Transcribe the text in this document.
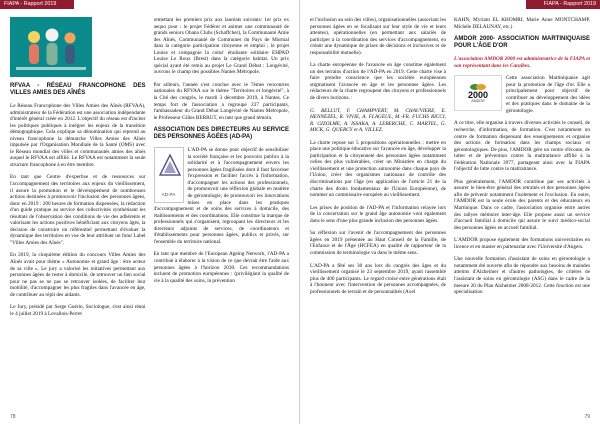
FIAPA - Rapport 2019
RFVAA - RÉSEAU FRANCOPHONE DES VILLES AMIES DES AÎNÉS

Le Réseau Francophone des Villes Amies des Aînés (RFVAA), administrateur de la Fédération est une association indépendante d'intérêt général créée en 2012. L'objectif du réseau est d'inciter les politiques publiques à intégrer les enjeux de la transition démographique. Cela explique sa dénomination qui reprend au niveau francophone la démarche Villes Amies des Aînés impulsée par l'Organisation Mondiale de la Santé (OMS) avec le Réseau mondial des villes et communautés amies des aînés auquel le RFVAA est affilié. Le RFVAA est notamment la seule structure francophone à en être membre.

En tant que Centre d'expertise et de ressources sur l'accompagnement des territoires aux enjeux du vieillissement, il assure la promotion et le développement de nombreuses actions destinées à promouvoir l'inclusion des personnes âgées, donc en 2019 : 200 heures de formation dispensées, la rédaction d'un guide pratique au service des collectivités synthétisant les résultats de l'observation des conditions de vie des adhérents et valorisant les actions positives bénéficiant aux citoyens âgés, la décision de construire un référentiel permettant d'évaluer la dynamique des territoires en vue de leur attribuer un futur Label "Villes Amies des Aînés".

En 2019, la cinquième édition du concours Villes Amies des Aînés avait pour thème « Autonomie et grand âge : être acteur de sa ville ». Le jury a valorisé les initiatives permettant aux personnes âgées de rester à domicile, de retrouver un lien social pour ne pas se ne pas se retrouver isolées, de faciliter leur mobilité, d'accompagner les plus fragiles dans l'avancée en âge, de contribuer au répit des aidants.

Le Jury, présidé par Serge Guérin, Sociologue, s'est ainsi réuni le 4 juillet 2019 à Levallois-Perret

remettant les premiers prix aux lauréats suivants: 1er prix ex aequo pour : le projet Fédérer et animer une communauté de grands seniors Ohana Clubs (Schaffcher), la Communauté Amie des Aînés, Communauté de Communes du Pays de Mormal dans la catégorie participation citoyenne et emploi ; le projet Louise et compagnie la colos' étudiante solidaire EHPAD Louise Le Roux (Brest) dans la catégorie habitat. Un prix spécial ayant été remis au projet Le Grand Débat : Longévité, ouvrons le champ des possibles Nantes Métropole.

Par ailleurs, l'année s'est conclue avec le 7èmes rencontres nationales du RFVAA sur le thème "Territoires et longévité", à la Cité des congrès, le mardi 3 décembre 2019, à Nantes. Ce temps fort de l'association a regroupé 237 participants, l'ambassadeur du Grand Débat Longévité de Nantes Métropole, le Professeur Gilles BERRUT, en tant que grand témoin.

ASSOCIATION DES DIRECTEURS AU SERVICE DES PERSONNES ÂGÉES (AD-PA)
AD·PA

L'AD-PA se donne pour objectif de sensibiliser la société française et les pouvoirs publics à la solidarité et à l'accompagnement envers les personnes âgées fragilisées dont il faut favoriser l'expression et faciliter l'accès à l'information, d'accompagner les actions des professionnels, de promouvoir une réflexion globale en matière de gérontologie, de promouvoir les innovations mises en place dans les pratiques d'accompagnement et de soins des services à domicile, des établissements et des coordinations. Elle constitue la marque de professionnels qui s'organisent, regroupant les directeurs et les directeurs adjoints de services, de coordinateurs et d'établissements pour personnes âgées, publics et privés, sur l'ensemble du territoire national.

En tant que membre de l'European Ageing Network, l'AD-PA a contribué à élaborer à la vision de ce que devrait être l'aide aux personnes âgées à l'horizon 2030. Ces recommandations incluent de promotion européennes : (privilégiant la qualité de vie à la qualité des soins, la prévention

78
FIAPA - Rapport 2019

et l'inclusion au sein des villes), organisationnelles (associant les personnes âgées en se focalisant sur leur style de vie et leurs attentes), opérationnelles (en permettant aux salariés de participer à la coordination des services d'accompagnement, en créant une dynamique de prises de décisions et inclusives et de responsabilité mutuelle).

La charte européenne de l'avancée en âge constitue également un des terrains d'action de l'AD-PA en 2019. Cette charte vise à faire prendre conscience que les sociétés européennes stigmatisent l'avancée en âge et les personnes âgées. Les rédacteurs de la charte regroupent des citoyens et professionnels de divers horizons. :

G. BELLUT, F. CHAMPVERT, M. CHAUVIERE, E. HENNEZEL, R. VIVIE, A. FLAGEUL, M.-FR. FUCHS RICCI, R. GIZOLME, A. ISSAKA, A. LEBERCHE, C. MARTEL, G. MICK, G. QUERCY et A. VILLEZ.

La charte repose sur 5 propositions opérationnelles : mettre en place une politique éducative sur l'avancée en âge, développer la participation et la citoyenneté des personnes âgées notamment celles des plus vulnérables, créer un Ministère en charge du vieillissement et une protection autonomie dans chaque pays de l'Union, créer des organismes nationaux de contrôle des discriminations par l'âge (en application de l'article 21 de la charte des droits fondamentaux de l'Union Européenne), de nommer un commissaire européen au vieillissement.

Les prises de position de l'AD-PA et l'information relayée lors de la concertation sur le grand âge autonomie vont également dans le sens d'une plus grande inclusion des personnes âgées.

Sa réflexion sur l'avenir de l'accompagnement des personnes âgées en 2019 présentée au Haut Conseil de la Famille, de l'Enfance et de l'Âge (HCFEA) en qualité de rapporteur de la commission de terminologie va dans le même sens.

L'AD-PA a fêté ses 30 ans lors du congrès des âges et du vieillissement organisé le 23 septembre 2019, ayant rassemblé plus de 400 participants. Le regard croisé entre générations était à l'honneur avec l'intervention de personnes accompagnées, de professionnels de terrain et de personnalités (Axel

KAHN, Myriam EL KHOMRI, Marie Anne MONTCHAMP, Michèle DELAUNAY, etc.)

AMDOR 2000- ASSOCIATION MARTINIQUAISE POUR L'ÂGE D'OR

L'association AMDOR 2000 est administratrice de la FIAPA et son représentant dans les Caraïbes.

2000
AMDOR

Cette association Martiniquaise agit pour la promotion de l'âge d'or. Elle a principalement pour objectif de contribuer au développement des idées et des pratiques dans le domaine de la gérontologie.

A ce titre, elle organise à travers diverses activités le conseil, de recherche, d'information, de formation. C'est notamment un centre de formation dispensant des enseignements et organise des actions de formation dans les champs sociaux et gérontologiques. De plus, l'AMDOR gère un centre d'écoute, de lutter et de prévention contre la maltraitance affilié à la Fédération Nationale 3977, partageant ainsi avec la FIAPA l'objectif de lutte contre la maltraitance.

Plus généralement, l'AMDOR contribue par ses activités à assurer le bien-être général des retraités et des personnes âgées afin de prévenir notamment l'isolement et l'exclusion. En outre, l'AMDOR est la seule école des parents et des éducateurs en Martinique. Dans ce cadre, l'association organise entre autres des rallyes mémoire inter-âge. Elle propose aussi un service d'accueil familial à domicile qui assure le suivi médico-social des personnes âgées en accueil familial.

L'AMDOR propose également des formations universitaires en licence et en master en partenariat avec l'Université d'Angers.

Une nouvelle formation d'assistant de soins en gérontologie a notamment été ouverte afin de répondre aux besoins de malades atteints d'Alzheimer et d'autres pathologies, de critères de l'assistant de soins en gérontologie (ASG) dans le cadre de la mesure 20 du Plan Alzheimer 2008-2012. Cette fonction est une spécialisation

79
